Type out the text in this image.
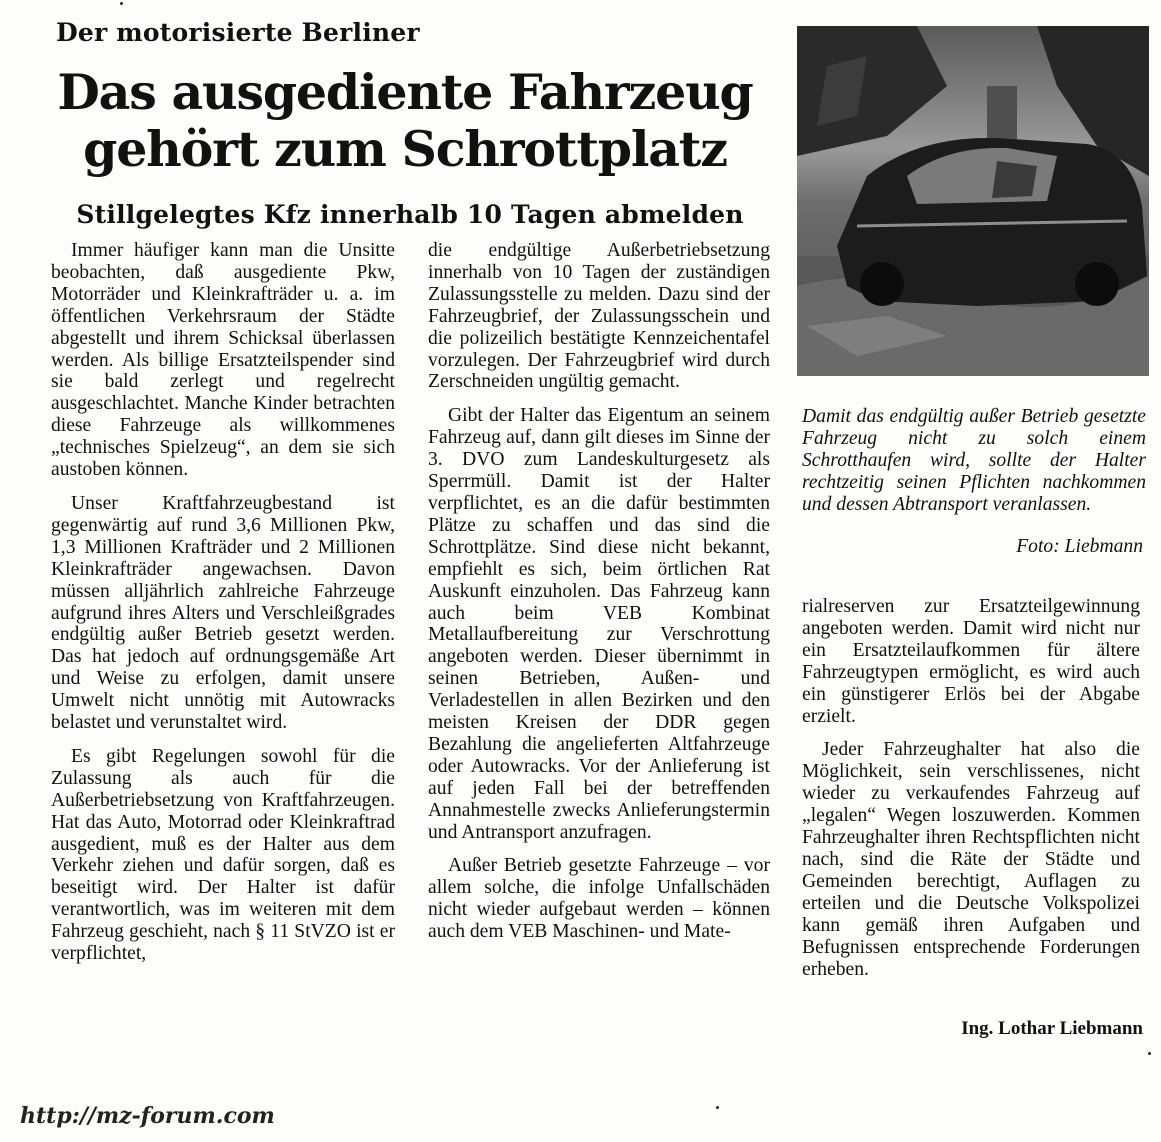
Der motorisierte Berliner
Das ausgediente Fahrzeug
gehört zum Schrottplatz
Stillgelegtes Kfz innerhalb 10 Tagen abmelden

Immer häufiger kann man die Unsitte beobachten, daß ausgediente Pkw, Motorräder und Kleinkrafträder u. a. im öffentlichen Verkehrsraum der Städte abgestellt und ihrem Schicksal überlassen werden. Als billige Ersatzteilspender sind sie bald zerlegt und regelrecht ausgeschlachtet. Manche Kinder betrachten diese Fahrzeuge als willkommenes „technisches Spielzeug“, an dem sie sich austoben können.

Unser Kraftfahrzeugbestand ist gegenwärtig auf rund 3,6 Millionen Pkw, 1,3 Millionen Krafträder und 2 Millionen Kleinkrafträder angewachsen. Davon müssen alljährlich zahlreiche Fahrzeuge aufgrund ihres Alters und Verschleißgrades endgültig außer Betrieb gesetzt werden. Das hat jedoch auf ordnungsgemäße Art und Weise zu erfolgen, damit unsere Umwelt nicht unnötig mit Autowracks belastet und verunstaltet wird.

Es gibt Regelungen sowohl für die Zulassung als auch für die Außerbetriebsetzung von Kraftfahrzeugen. Hat das Auto, Motorrad oder Kleinkraftrad ausgedient, muß es der Halter aus dem Verkehr ziehen und dafür sorgen, daß es beseitigt wird. Der Halter ist dafür verantwortlich, was im weiteren mit dem Fahrzeug geschieht, nach § 11 StVZO ist er verpflichtet,

die endgültige Außerbetriebsetzung innerhalb von 10 Tagen der zuständigen Zulassungsstelle zu melden. Dazu sind der Fahrzeugbrief, der Zulassungsschein und die polizeilich bestätigte Kennzeichentafel vorzulegen. Der Fahrzeugbrief wird durch Zerschneiden ungültig gemacht.

Gibt der Halter das Eigentum an seinem Fahrzeug auf, dann gilt dieses im Sinne der 3. DVO zum Landeskulturgesetz als Sperrmüll. Damit ist der Halter verpflichtet, es an die dafür bestimmten Plätze zu schaffen und das sind die Schrottplätze. Sind diese nicht bekannt, empfiehlt es sich, beim örtlichen Rat Auskunft einzuholen. Das Fahrzeug kann auch beim VEB Kombinat Metallaufbereitung zur Verschrottung angeboten werden. Dieser übernimmt in seinen Betrieben, Außen- und Verladestellen in allen Bezirken und den meisten Kreisen der DDR gegen Bezahlung die angelieferten Altfahrzeuge oder Autowracks. Vor der Anlieferung ist auf jeden Fall bei der betreffenden Annahmestelle zwecks Anlieferungstermin und Antransport anzufragen.

Außer Betrieb gesetzte Fahrzeuge – vor allem solche, die infolge Unfallschäden nicht wieder aufgebaut werden – können auch dem VEB Maschinen- und Mate-

Damit das endgültig außer Betrieb gesetzte Fahrzeug nicht zu solch einem Schrotthaufen wird, sollte der Halter rechtzeitig seinen Pflichten nachkommen und dessen Abtransport veranlassen.
Foto: Liebmann

rialreserven zur Ersatzteilgewinnung angeboten werden. Damit wird nicht nur ein Ersatzteilaufkommen für ältere Fahrzeugtypen ermöglicht, es wird auch ein günstigerer Erlös bei der Abgabe erzielt.

Jeder Fahrzeughalter hat also die Möglichkeit, sein verschlissenes, nicht wieder zu verkaufendes Fahrzeug auf „legalen“ Wegen loszuwerden. Kommen Fahrzeughalter ihren Rechtspflichten nicht nach, sind die Räte der Städte und Gemeinden berechtigt, Auflagen zu erteilen und die Deutsche Volkspolizei kann gemäß ihren Aufgaben und Befugnissen entsprechende Forderungen erheben.

Ing. Lothar Liebmann
http://mz-forum.com
